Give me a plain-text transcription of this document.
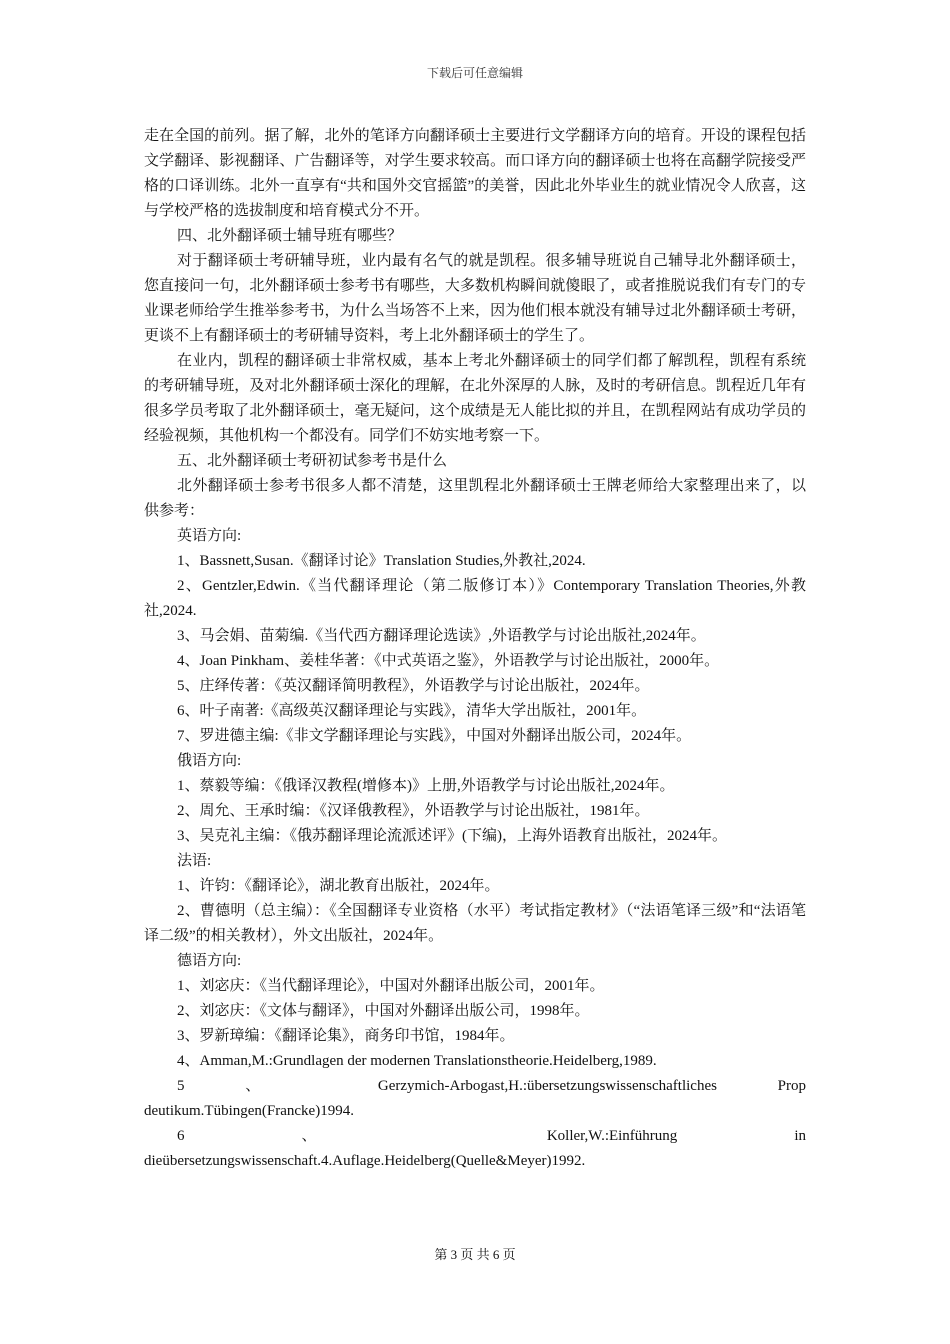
下载后可任意编辑

走在全国的前列。据了解，北外的笔译方向翻译硕士主要进行文学翻译方向的培育。开设的课程包括文学翻译、影视翻译、广告翻译等，对学生要求较高。而口译方向的翻译硕士也将在高翻学院接受严格的口译训练。北外一直享有“共和国外交官摇篮”的美誉，因此北外毕业生的就业情况令人欣喜，这与学校严格的选拔制度和培育模式分不开。

四、北外翻译硕士辅导班有哪些？

对于翻译硕士考研辅导班，业内最有名气的就是凯程。很多辅导班说自己辅导北外翻译硕士，您直接问一句，北外翻译硕士参考书有哪些，大多数机构瞬间就傻眼了，或者推脱说我们有专门的专业课老师给学生推举参考书，为什么当场答不上来，因为他们根本就没有辅导过北外翻译硕士考研，更谈不上有翻译硕士的考研辅导资料，考上北外翻译硕士的学生了。

在业内，凯程的翻译硕士非常权威，基本上考北外翻译硕士的同学们都了解凯程，凯程有系统的考研辅导班，及对北外翻译硕士深化的理解，在北外深厚的人脉，及时的考研信息。凯程近几年有很多学员考取了北外翻译硕士，毫无疑问，这个成绩是无人能比拟的并且，在凯程网站有成功学员的经验视频，其他机构一个都没有。同学们不妨实地考察一下。

五、北外翻译硕士考研初试参考书是什么

北外翻译硕士参考书很多人都不清楚，这里凯程北外翻译硕士王牌老师给大家整理出来了，以供参考：

英语方向:

1、Bassnett,Susan.《翻译讨论》Translation Studies,外教社,2024.

2、Gentzler,Edwin.《当代翻译理论（第二版修订本）》Contemporary Translation Theories,外教社,2024.

3、马会娟、苗菊编.《当代西方翻译理论选读》,外语教学与讨论出版社,2024年。

4、Joan Pinkham、姜桂华著：《中式英语之鉴》，外语教学与讨论出版社，2000年。

5、庄绎传著：《英汉翻译简明教程》，外语教学与讨论出版社，2024年。

6、叶子南著:《高级英汉翻译理论与实践》，清华大学出版社，2001年。

7、罗进德主编:《非文学翻译理论与实践》，中国对外翻译出版公司，2024年。

俄语方向:

1、蔡毅等编：《俄译汉教程(增修本)》上册,外语教学与讨论出版社,2024年。

2、周允、王承时编：《汉译俄教程》，外语教学与讨论出版社，1981年。

3、吴克礼主编：《俄苏翻译理论流派述评》(下编)，上海外语教育出版社，2024年。

法语:

1、许钧：《翻译论》，湖北教育出版社，2024年。

2、曹德明（总主编）：《全国翻译专业资格（水平）考试指定教材》（“法语笔译三级”和“法语笔译二级”的相关教材），外文出版社，2024年。

德语方向:

1、刘宓庆：《当代翻译理论》，中国对外翻译出版公司，2001年。

2、刘宓庆：《文体与翻译》，中国对外翻译出版公司，1998年。

3、罗新璋编：《翻译论集》，商务印书馆，1984年。

4、Amman,M.:Grundlagen der modernen Translationstheorie.Heidelberg,1989.

5	、	Gerzymich-Arbogast,H.:übersetzungswissenschaftliches	Prop

deutikum.Tübingen(Francke)1994.

6	、	Koller,W.:Einführung	in

dieübersetzungswissenschaft.4.Auflage.Heidelberg(Quelle&Meyer)1992.

第 3 页 共 6 页
